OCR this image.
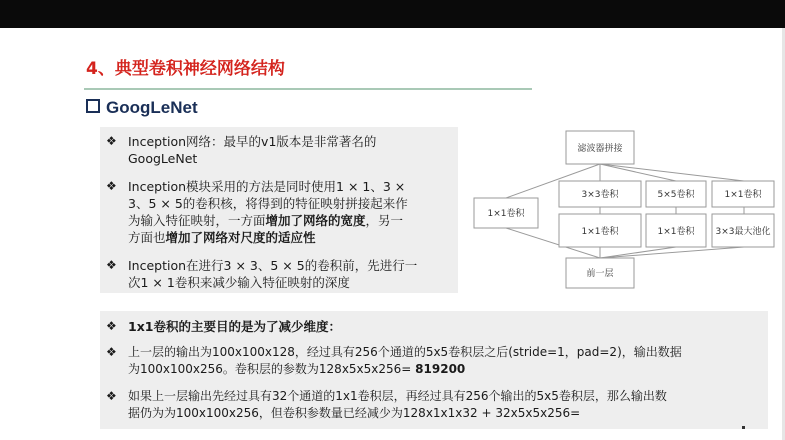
4、典型卷积神经网络结构
GoogLeNet
❖ Inception网络：最早的v1版本是非常著名的
GoogLeNet
❖ Inception模块采用的方法是同时使用1 × 1、3 ×
3、5 × 5的卷积核，将得到的特征映射拼接起来作
为输入特征映射，一方面增加了网络的宽度，另一
方面也增加了网络对尺度的适应性
❖ Inception在进行3 × 3、5 × 5的卷积前，先进行一
次1 × 1卷积来减少输入特征映射的深度
滤波器拼接
1×1卷积
3×3卷积	5×5卷积	1×1卷积
1×1卷积	1×1卷积 3×3最大池化
前一层
❖ 1x1卷积的主要目的是为了减少维度：
❖ 上一层的输出为100x100x128，经过具有256个通道的5x5卷积层之后(stride=1，pad=2)，输出数据
为100x100x256。卷积层的参数为128x5x5x256= 819200
❖ 如果上一层输出先经过具有32个通道的1x1卷积层，再经过具有256个输出的5x5卷积层，那么输出数
据仍为为100x100x256，但卷积参数量已经减少为128x1x1x32 + 32x5x5x256=
